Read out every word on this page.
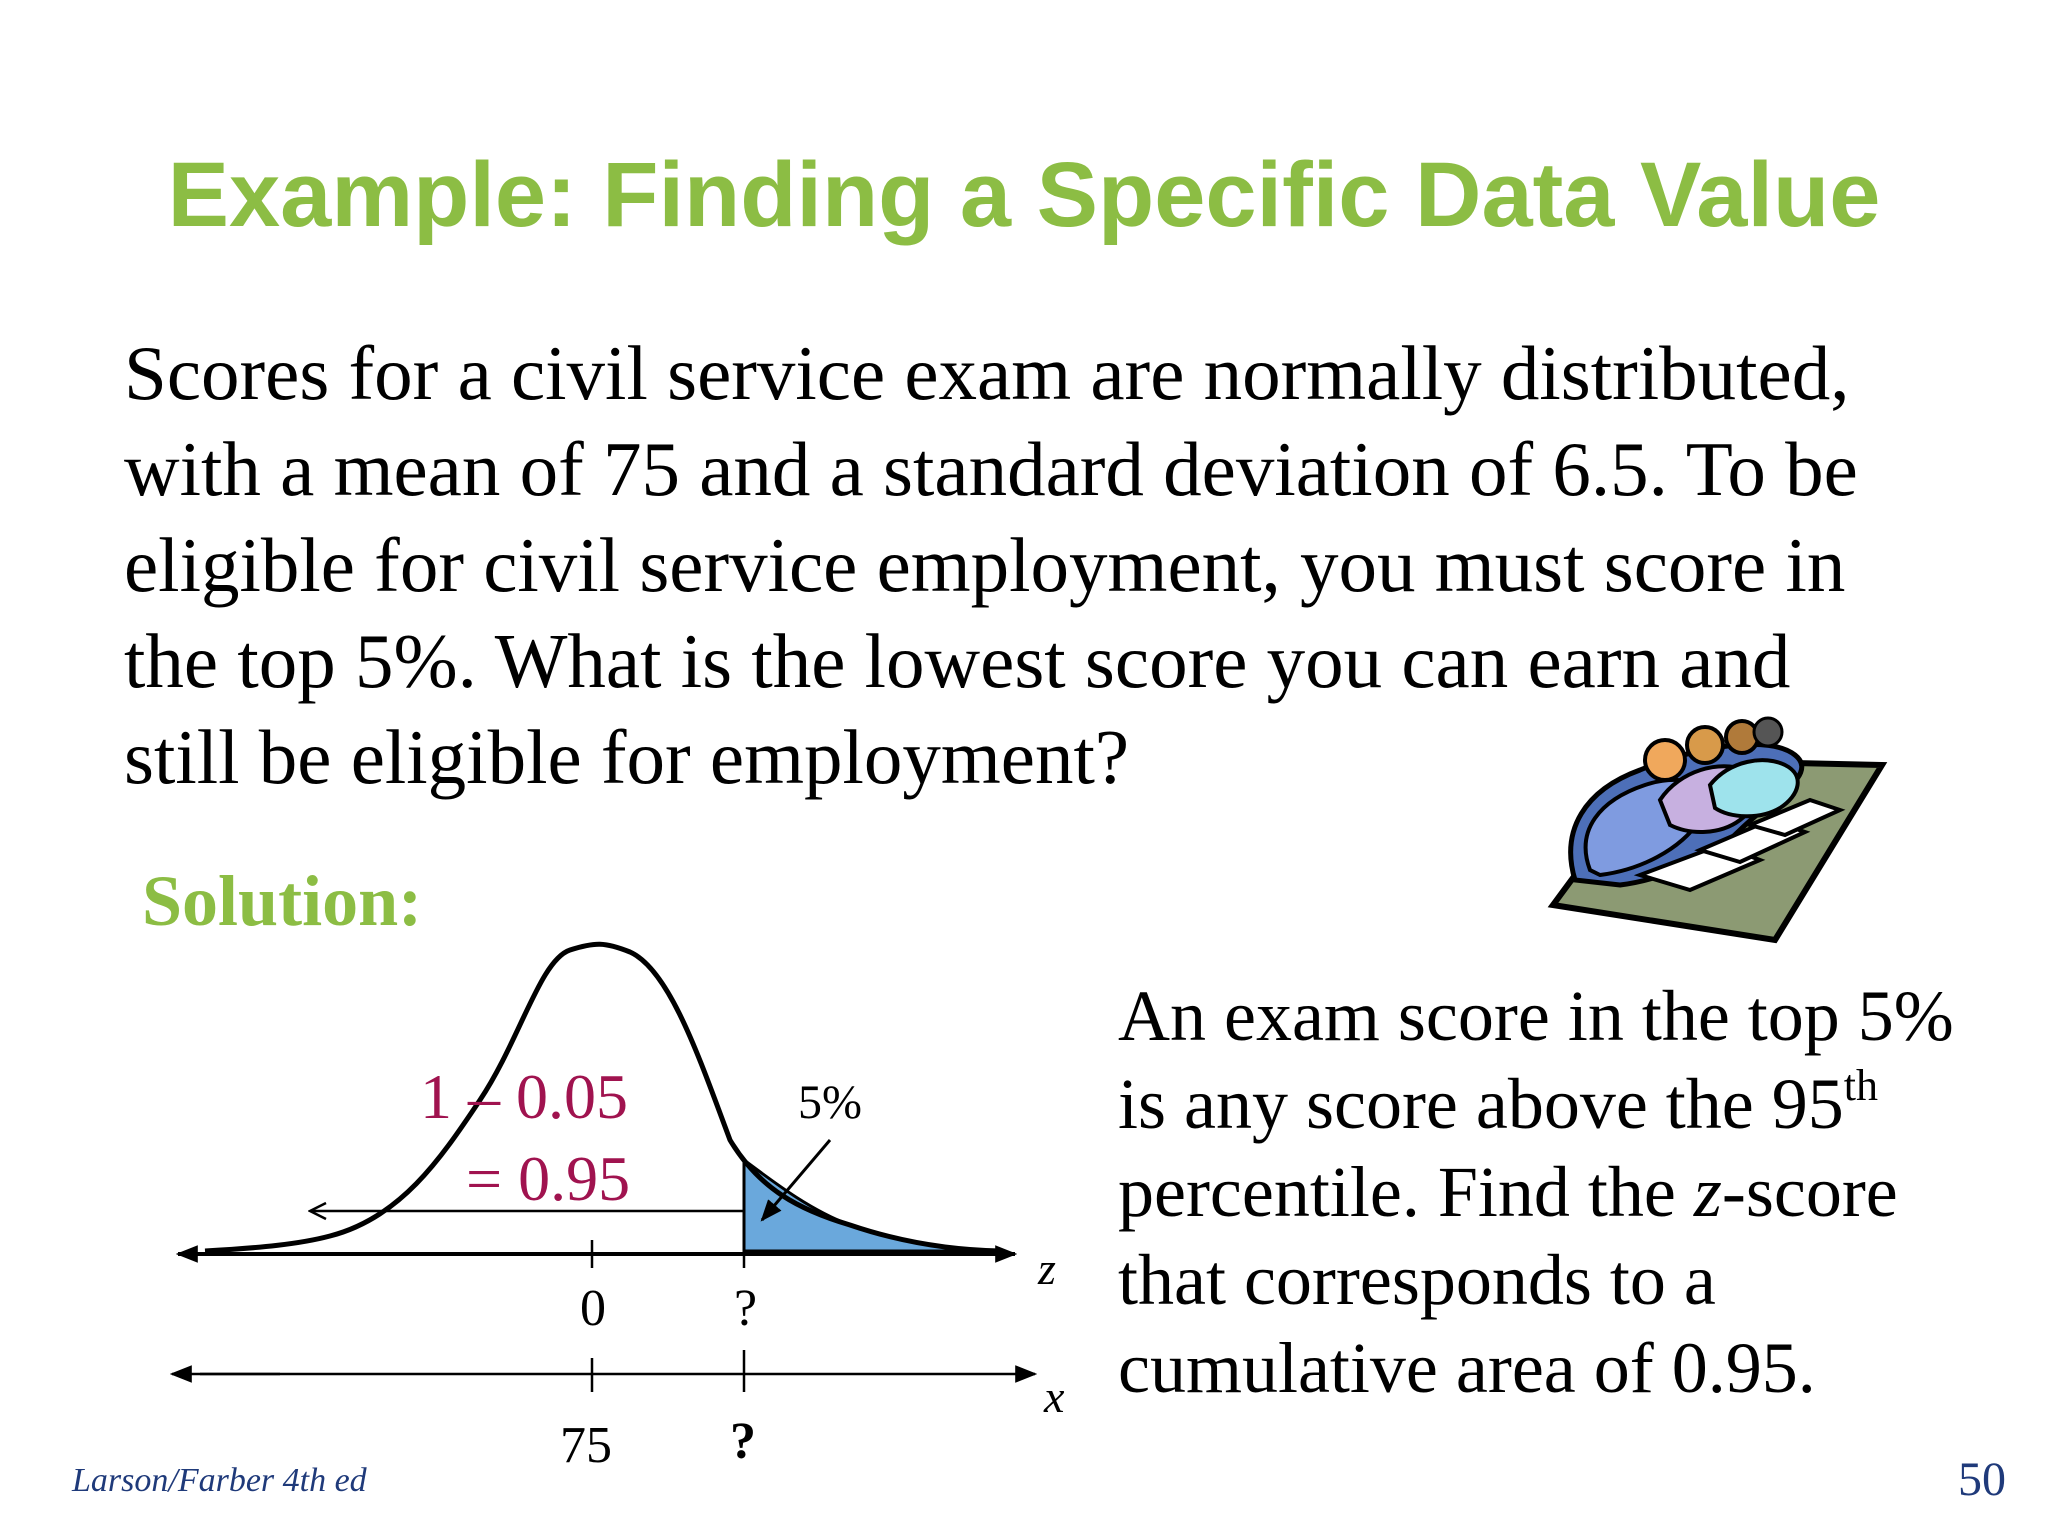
Example: Finding a Specific Data Value
Scores for a civil service exam are normally distributed,
with a mean of 75 and a standard deviation of 6.5. To be
eligible for civil service employment, you must score in
the top 5%. What is the lowest score you can earn and
still be eligible for employment?
Solution:
1 – 0.05
= 0.95
5%
z
x
0 ?
75 ?
An exam score in the top 5%
is any score above the 95th
percentile. Find the z-score
that corresponds to a
cumulative area of 0.95.
Larson/Farber 4th ed	50
